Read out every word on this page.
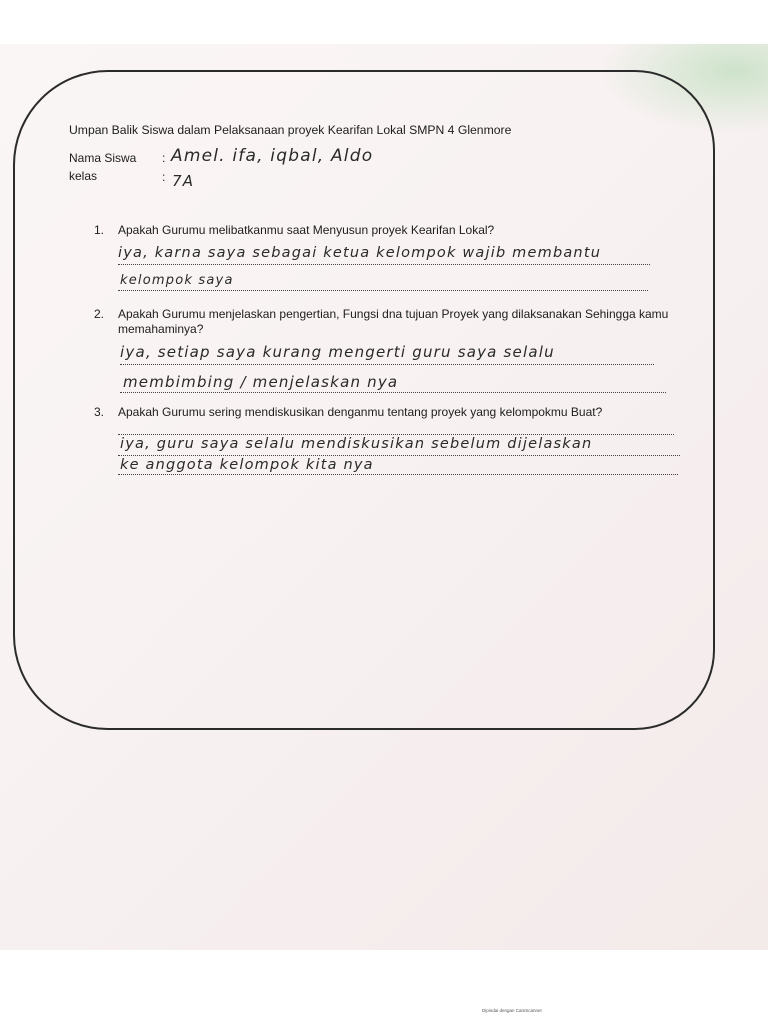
Umpan Balik Siswa dalam Pelaksanaan proyek Kearifan Lokal SMPN 4 Glenmore
Nama Siswa : Amel. ifa, iqbal, Aldo
kelas	: 7A
1. Apakah Gurumu melibatkanmu saat Menyusun proyek Kearifan Lokal?
iya, karna saya sebagai ketua kelompok wajib membantu
kelompok saya
2. Apakah Gurumu menjelaskan pengertian, Fungsi dna tujuan Proyek yang dilaksanakan Sehingga kamu memahaminya?
iya, setiap saya kurang mengerti guru saya selalu
membimbing / menjelaskan nya
3. Apakah Gurumu sering mendiskusikan denganmu tentang proyek yang kelompokmu Buat?
iya, guru saya selalu mendiskusikan sebelum dijelaskan
ke anggota kelompok kita nya
Dipindai dengan CamScanner
